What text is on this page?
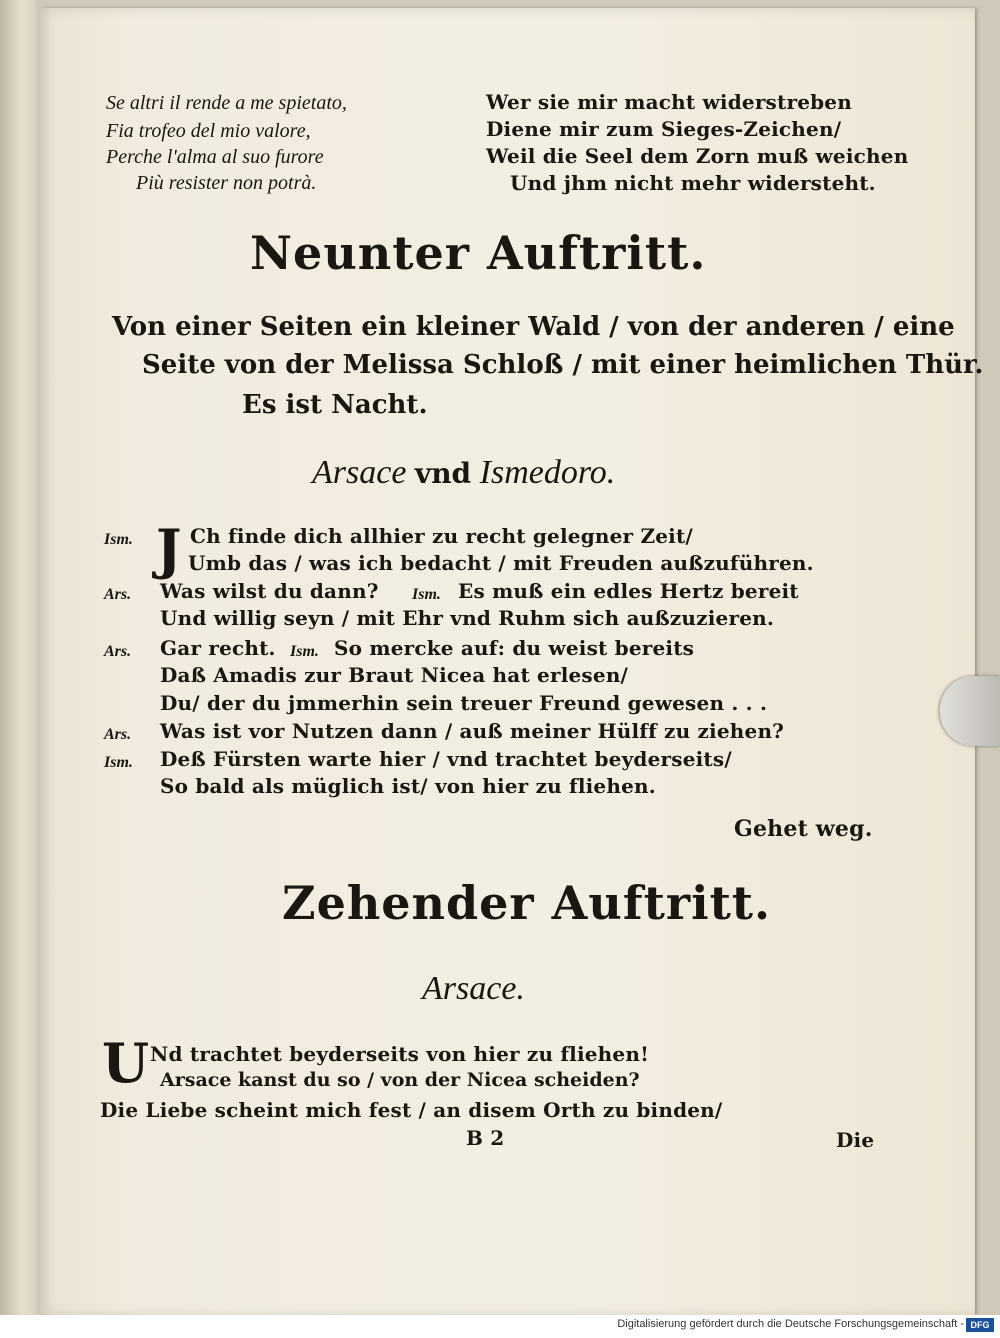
Se altri il rende a me spietato,
Fia trofeo del mio valore,
Perche l'alma al suo furore
Più resister non potrà.
Wer sie mir macht widerstreben
Diene mir zum Sieges-Zeichen/
Weil die Seel dem Zorn muß weichen
Und jhm nicht mehr widersteht.
Neunter Auftritt.
Von einer Seiten ein kleiner Wald / von der anderen / eine
Seite von der Melissa Schloß / mit einer heimlichen Thür.
Es ist Nacht.
Arsace vnd Ismedoro.
Ism. J Ch finde dich allhier zu recht gelegner Zeit/
Umb das / was ich bedacht / mit Freuden außzuführen.
Ars. Was wilst du dann? Ism. Es muß ein edles Hertz bereit
Und willig seyn / mit Ehr vnd Ruhm sich außzuzieren.
Ars. Gar recht. Ism. So mercke auf: du weist bereits
Daß Amadis zur Braut Nicea hat erlesen/
Du/ der du jmmerhin sein treuer Freund gewesen . . .
Ars. Was ist vor Nutzen dann / auß meiner Hülff zu ziehen?
Ism. Deß Fürsten warte hier / vnd trachtet beyderseits/
So bald als müglich ist/ von hier zu fliehen.
Gehet weg.
Zehender Auftritt.
Arsace.
U Nd trachtet beyderseits von hier zu fliehen!
Arsace kanst du so / von der Nicea scheiden?
Die Liebe scheint mich fest / an disem Orth zu binden/
B 2	Die
Digitalisierung gefördert durch die Deutsche Forschungsgemeinschaft - DFG
